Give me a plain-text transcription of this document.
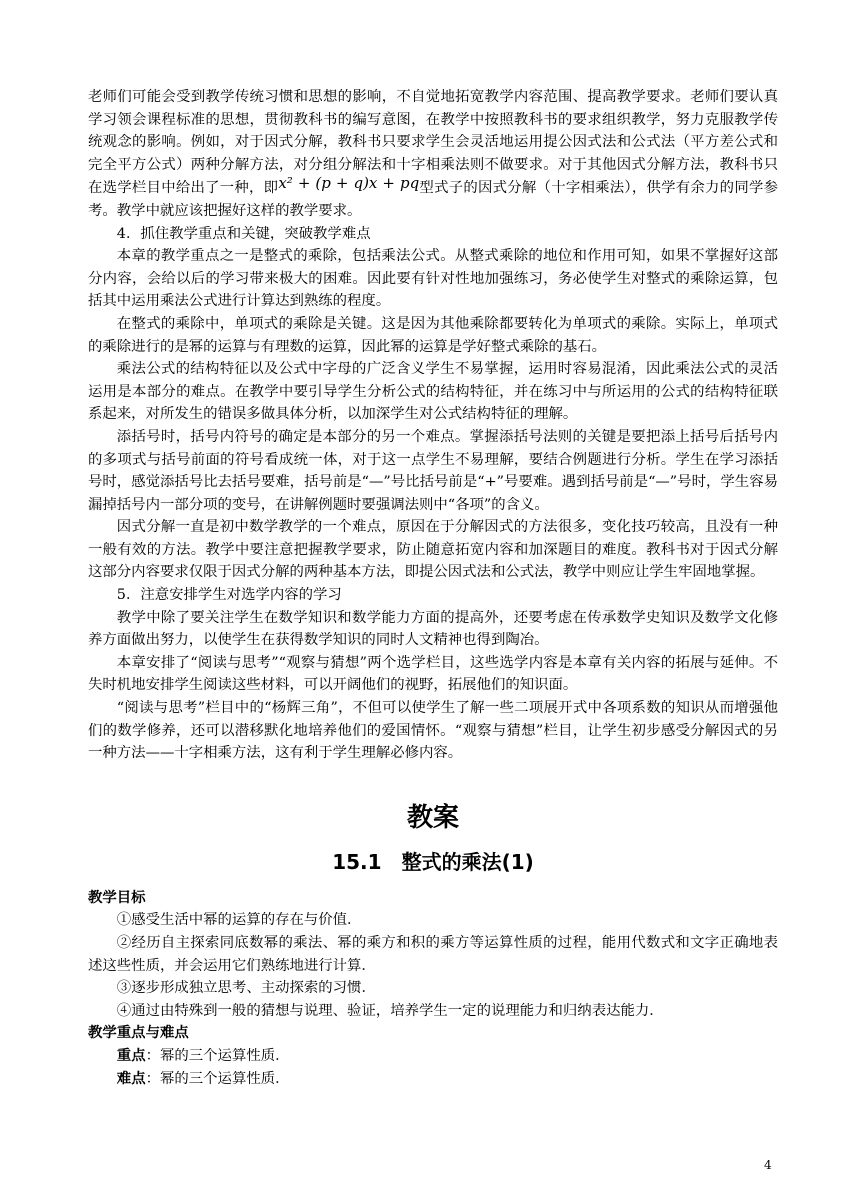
老师们可能会受到教学传统习惯和思想的影响，不自觉地拓宽教学内容范围、提高教学要求。老师们要认真学习领会课程标准的思想，贯彻教科书的编写意图，在教学中按照教科书的要求组织教学，努力克服教学传统观念的影响。例如，对于因式分解，教科书只要求学生会灵活地运用提公因式法和公式法（平方差公式和完全平方公式）两种分解方法，对分组分解法和十字相乘法则不做要求。对于其他因式分解方法，教科书只在选学栏目中给出了一种，即x² + (p + q)x + pq型式子的因式分解（十字相乘法），供学有余力的同学参考。教学中就应该把握好这样的教学要求。

4．抓住教学重点和关键，突破教学难点

本章的教学重点之一是整式的乘除，包括乘法公式。从整式乘除的地位和作用可知，如果不掌握好这部分内容，会给以后的学习带来极大的困难。因此要有针对性地加强练习，务必使学生对整式的乘除运算，包括其中运用乘法公式进行计算达到熟练的程度。

在整式的乘除中，单项式的乘除是关键。这是因为其他乘除都要转化为单项式的乘除。实际上，单项式的乘除进行的是幂的运算与有理数的运算，因此幂的运算是学好整式乘除的基石。

乘法公式的结构特征以及公式中字母的广泛含义学生不易掌握，运用时容易混淆，因此乘法公式的灵活运用是本部分的难点。在教学中要引导学生分析公式的结构特征，并在练习中与所运用的公式的结构特征联系起来，对所发生的错误多做具体分析，以加深学生对公式结构特征的理解。

添括号时，括号内符号的确定是本部分的另一个难点。掌握添括号法则的关键是要把添上括号后括号内的多项式与括号前面的符号看成统一体，对于这一点学生不易理解，要结合例题进行分析。学生在学习添括号时，感觉添括号比去括号要难，括号前是“—”号比括号前是“+”号要难。遇到括号前是“—”号时，学生容易漏掉括号内一部分项的变号，在讲解例题时要强调法则中“各项”的含义。

因式分解一直是初中数学教学的一个难点，原因在于分解因式的方法很多，变化技巧较高，且没有一种一般有效的方法。教学中要注意把握教学要求，防止随意拓宽内容和加深题目的难度。教科书对于因式分解这部分内容要求仅限于因式分解的两种基本方法，即提公因式法和公式法，教学中则应让学生牢固地掌握。

5．注意安排学生对选学内容的学习

教学中除了要关注学生在数学知识和数学能力方面的提高外，还要考虑在传承数学史知识及数学文化修养方面做出努力，以使学生在获得数学知识的同时人文精神也得到陶冶。

本章安排了“阅读与思考”“观察与猜想”两个选学栏目，这些选学内容是本章有关内容的拓展与延伸。不失时机地安排学生阅读这些材料，可以开阔他们的视野，拓展他们的知识面。

“阅读与思考”栏目中的“杨辉三角”，不但可以使学生了解一些二项展开式中各项系数的知识从而增强他们的数学修养，还可以潜移默化地培养他们的爱国情怀。“观察与猜想”栏目，让学生初步感受分解因式的另一种方法——十字相乘方法，这有利于学生理解必修内容。

教案
15.1　整式的乘法(1)

教学目标

①感受生活中幂的运算的存在与价值．

②经历自主探索同底数幂的乘法、幂的乘方和积的乘方等运算性质的过程，能用代数式和文字正确地表述这些性质，并会运用它们熟练地进行计算．

③逐步形成独立思考、主动探索的习惯．

④通过由特殊到一般的猜想与说理、验证，培养学生一定的说理能力和归纳表达能力．

教学重点与难点

重点：幂的三个运算性质．

难点：幂的三个运算性质．

4
